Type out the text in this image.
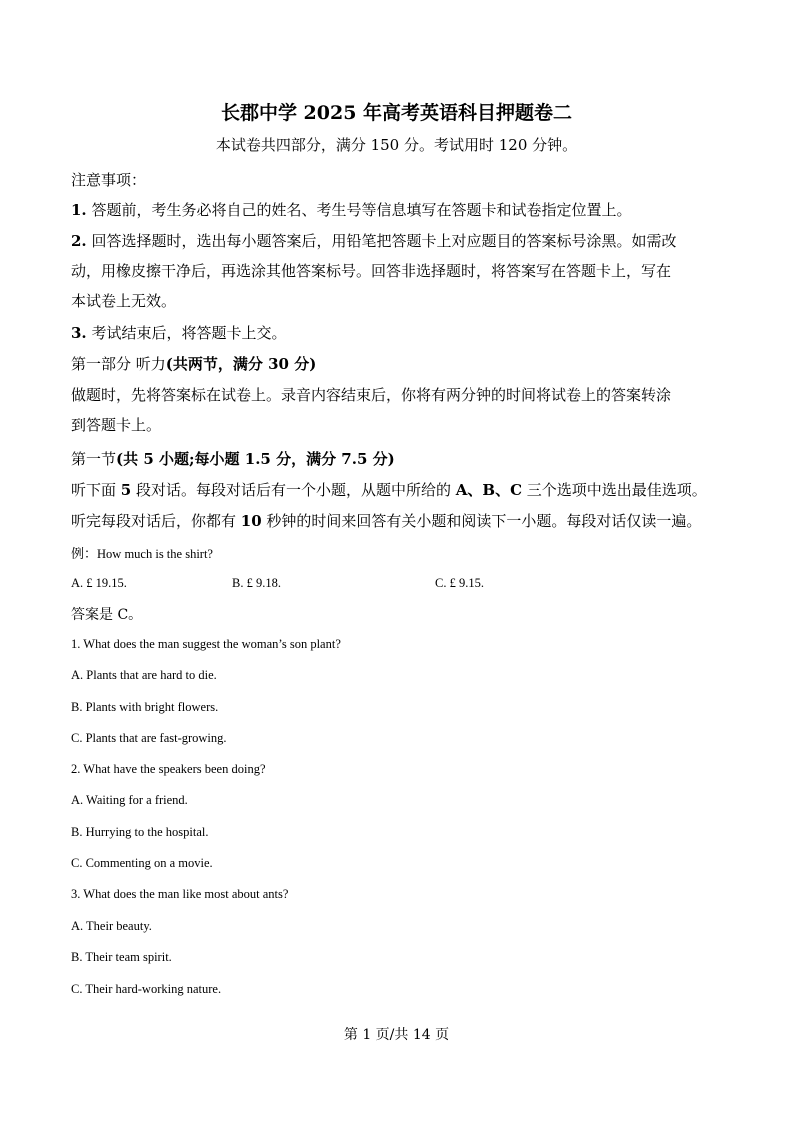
长郡中学 2025 年高考英语科目押题卷二
本试卷共四部分，满分 150 分。考试用时 120 分钟。
注意事项：
1. 答题前，考生务必将自己的姓名、考生号等信息填写在答题卡和试卷指定位置上。
2. 回答选择题时，选出每小题答案后，用铅笔把答题卡上对应题目的答案标号涂黑。如需改
动，用橡皮擦干净后，再选涂其他答案标号。回答非选择题时，将答案写在答题卡上，写在
本试卷上无效。
3. 考试结束后，将答题卡上交。
第一部分 听力(共两节，满分 30 分)
做题时，先将答案标在试卷上。录音内容结束后，你将有两分钟的时间将试卷上的答案转涂
到答题卡上。
第一节(共 5 小题;每小题 1.5 分，满分 7.5 分)
听下面 5 段对话。每段对话后有一个小题，从题中所给的 A、B、C 三个选项中选出最佳选项。
听完每段对话后，你都有 10 秒钟的时间来回答有关小题和阅读下一小题。每段对话仅读一遍。
例：How much is the shirt?
A. £ 19.15.	B. £ 9.18.	C. £ 9.15.
答案是 C。
1. What does the man suggest the woman’s son plant?
A. Plants that are hard to die.
B. Plants with bright flowers.
C. Plants that are fast-growing.
2. What have the speakers been doing?
A. Waiting for a friend.
B. Hurrying to the hospital.
C. Commenting on a movie.
3. What does the man like most about ants?
A. Their beauty.
B. Their team spirit.
C. Their hard-working nature.
第 1 页/共 14 页
